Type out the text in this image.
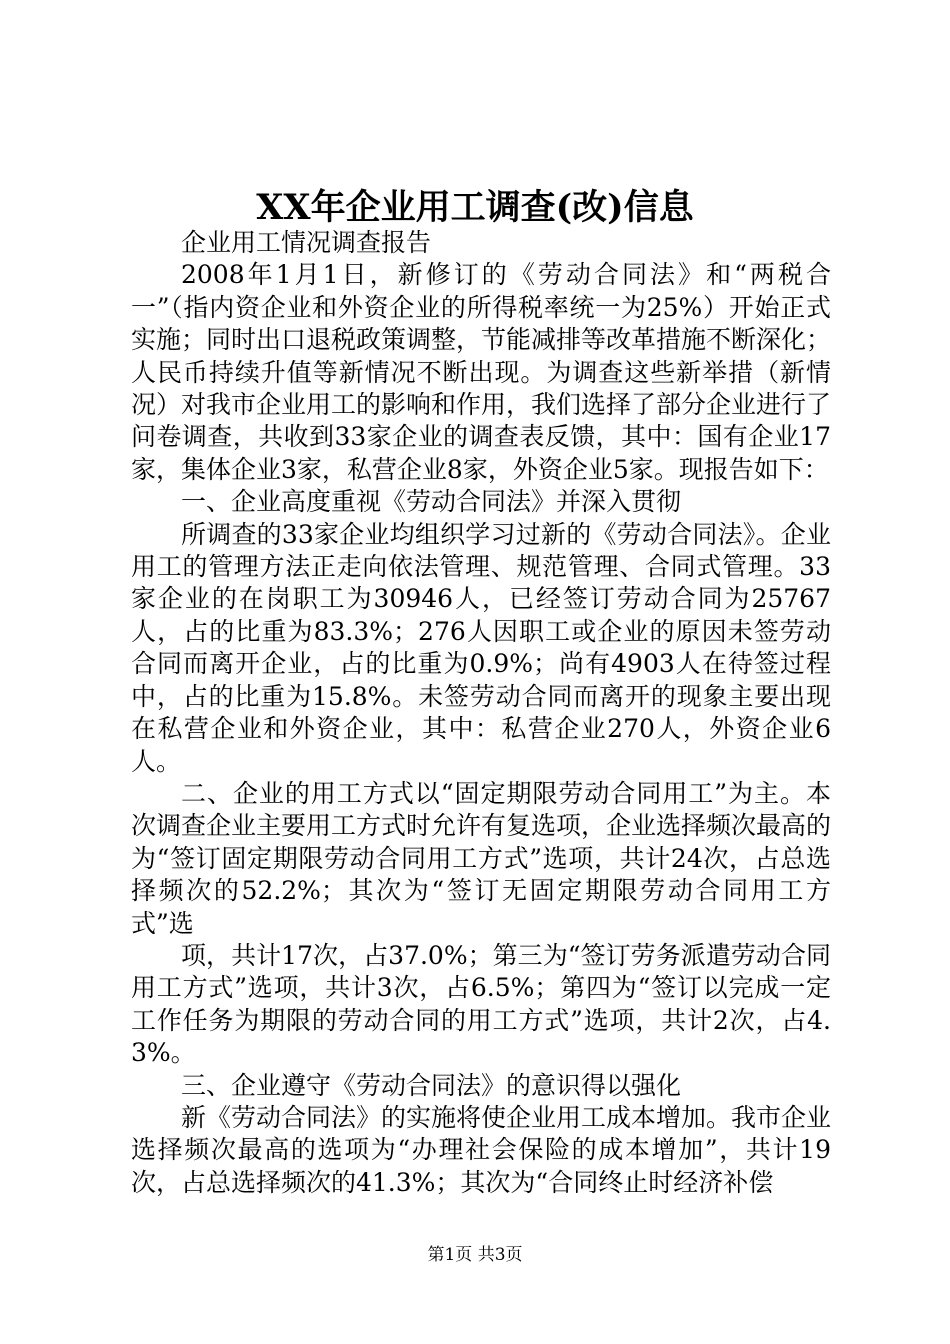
XX年企业用工调查(改)信息

企业用工情况调查报告

2008年1月1日，新修订的《劳动合同法》和“两税合一”（指内资企业和外资企业的所得税率统一为25%）开始正式实施；同时出口退税政策调整，节能减排等改革措施不断深化；人民币持续升值等新情况不断出现。为调查这些新举措（新情况）对我市企业用工的影响和作用，我们选择了部分企业进行了问卷调查，共收到33家企业的调查表反馈，其中：国有企业17家，集体企业3家，私营企业8家，外资企业5家。现报告如下：

一、企业高度重视《劳动合同法》并深入贯彻

所调查的33家企业均组织学习过新的《劳动合同法》。企业用工的管理方法正走向依法管理、规范管理、合同式管理。33家企业的在岗职工为30946人，已经签订劳动合同为25767人，占的比重为83.3%；276人因职工或企业的原因未签劳动合同而离开企业，占的比重为0.9%；尚有4903人在待签过程中，占的比重为15.8%。未签劳动合同而离开的现象主要出现在私营企业和外资企业，其中：私营企业270人，外资企业6人。

二、企业的用工方式以“固定期限劳动合同用工”为主。本次调查企业主要用工方式时允许有复选项，企业选择频次最高的为“签订固定期限劳动合同用工方式”选项，共计24次，占总选择频次的52.2%；其次为“签订无固定期限劳动合同用工方式”选

项，共计17次，占37.0%；第三为“签订劳务派遣劳动合同用工方式”选项，共计3次，占6.5%；第四为“签订以完成一定工作任务为期限的劳动合同的用工方式”选项，共计2次，占4.3%。

三、企业遵守《劳动合同法》的意识得以强化

新《劳动合同法》的实施将使企业用工成本增加。我市企业选择频次最高的选项为“办理社会保险的成本增加”，共计19次，占总选择频次的41.3%；其次为“合同终止时经济补偿

第1页 共3页
